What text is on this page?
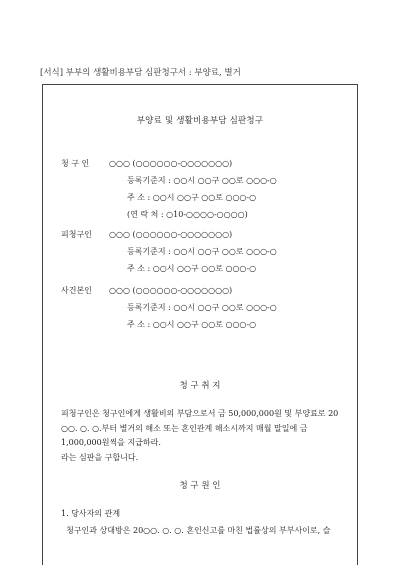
[서식] 부부의 생활비용부담 심판청구서 : 부양료, 별거
부양료 및 생활비용부담 심판청구
청 구 인	○○○ (○○○○○○-○○○○○○○)
등록기준지 : ○○시 ○○구 ○○로 ○○○-○
주 소 : ○○시 ○○구 ○○로 ○○○-○
(연 락 처 : ○10-○○○○-○○○○)
피청구인	○○○ (○○○○○○-○○○○○○○)
등록기준지 : ○○시 ○○구 ○○로 ○○○-○
주 소 : ○○시 ○○구 ○○로 ○○○-○
사건본인	○○○ (○○○○○○-○○○○○○○)
등록기준지 : ○○시 ○○구 ○○로 ○○○-○
주 소 : ○○시 ○○구 ○○로 ○○○-○
청 구 취 지
피청구인은 청구인에게 생활비의 부담으로서 금 50,000,000원 및 부양료로 20
○○. ○. ○.부터 별거의 해소 또는 혼인관계 해소시까지 매월 말일에 금
1,000,000원씩을 지급하라.
라는 심판을 구합니다.
청 구 원 인
1. 당사자의 관계
청구인과 상대방은 20○○. ○. ○. 혼인신고를 마친 법률상의 부부사이로, 슬
